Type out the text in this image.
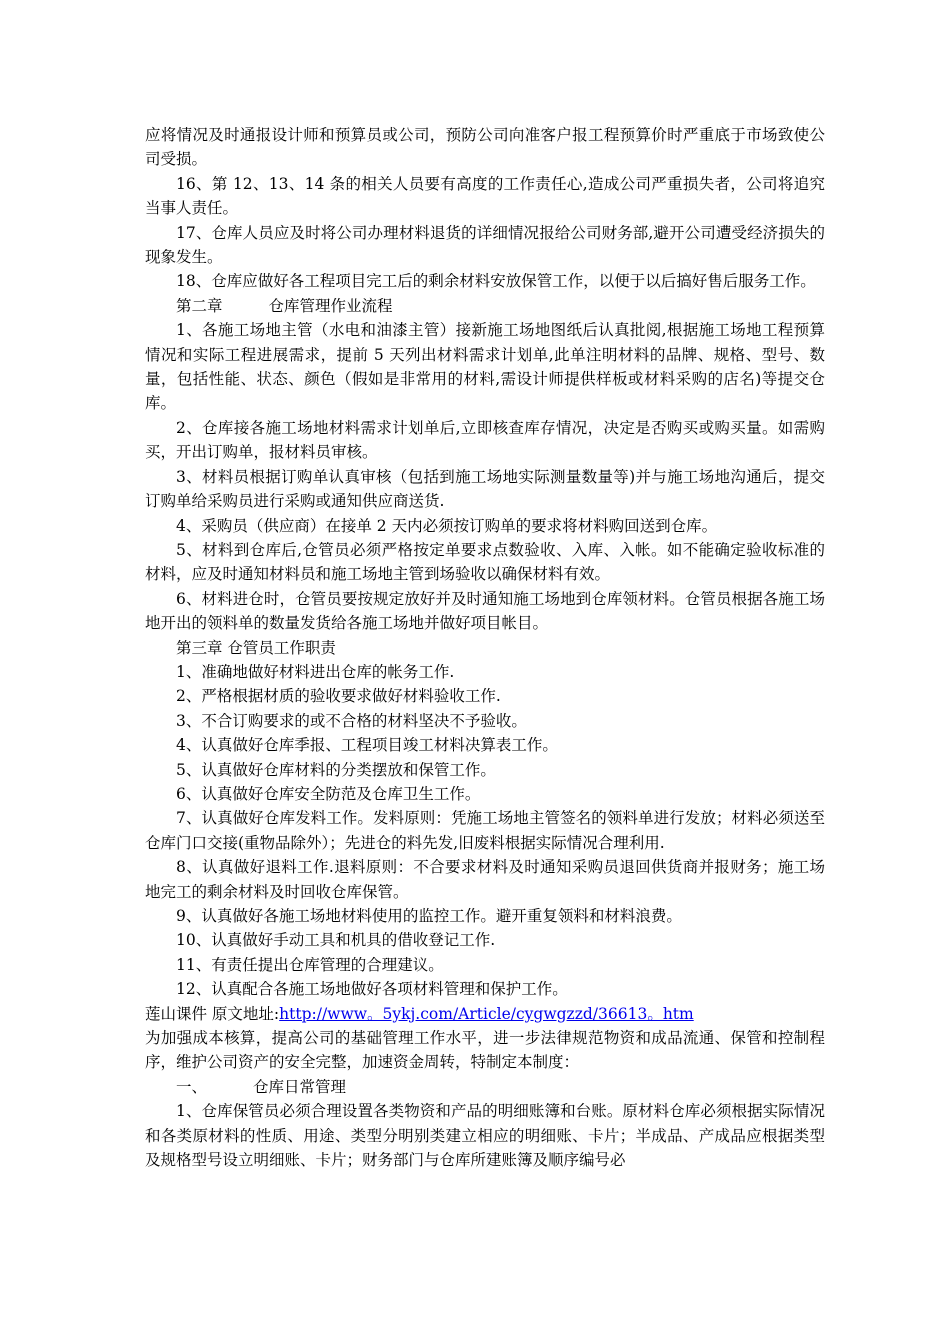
应将情况及时通报设计师和预算员或公司，预防公司向准客户报工程预算价时严重底于市场致使公司受损。

16、第 12、13、14 条的相关人员要有高度的工作责任心,造成公司严重损失者，公司将追究当事人责任。

17、仓库人员应及时将公司办理材料退货的详细情况报给公司财务部,避开公司遭受经济损失的现象发生。

18、仓库应做好各工程项目完工后的剩余材料安放保管工作，以便于以后搞好售后服务工作。

第二章	仓库管理作业流程

1、各施工场地主管（水电和油漆主管）接新施工场地图纸后认真批阅,根据施工场地工程预算情况和实际工程进展需求，提前 5 天列出材料需求计划单,此单注明材料的品牌、规格、型号、数量，包括性能、状态、颜色（假如是非常用的材料,需设计师提供样板或材料采购的店名)等提交仓库。

2、仓库接各施工场地材料需求计划单后,立即核查库存情况，决定是否购买或购买量。如需购买，开出订购单，报材料员审核。

3、材料员根据订购单认真审核（包括到施工场地实际测量数量等)并与施工场地沟通后，提交订购单给采购员进行采购或通知供应商送货.

4、采购员（供应商）在接单 2 天内必须按订购单的要求将材料购回送到仓库。

5、材料到仓库后,仓管员必须严格按定单要求点数验收、入库、入帐。如不能确定验收标准的材料，应及时通知材料员和施工场地主管到场验收以确保材料有效。

6、材料进仓时，仓管员要按规定放好并及时通知施工场地到仓库领材料。仓管员根据各施工场地开出的领料单的数量发货给各施工场地并做好项目帐目。

第三章 仓管员工作职责

1、准确地做好材料进出仓库的帐务工作.

2、严格根据材质的验收要求做好材料验收工作.

3、不合订购要求的或不合格的材料坚决不予验收。

4、认真做好仓库季报、工程项目竣工材料决算表工作。

5、认真做好仓库材料的分类摆放和保管工作。

6、认真做好仓库安全防范及仓库卫生工作。

7、认真做好仓库发料工作。发料原则：凭施工场地主管签名的领料单进行发放；材料必须送至仓库门口交接(重物品除外）；先进仓的料先发,旧废料根据实际情况合理利用.

8、认真做好退料工作.退料原则：不合要求材料及时通知采购员退回供货商并报财务；施工场地完工的剩余材料及时回收仓库保管。

9、认真做好各施工场地材料使用的监控工作。避开重复领料和材料浪费。

10、认真做好手动工具和机具的借收登记工作.

11、有责任提出仓库管理的合理建议。

12、认真配合各施工场地做好各项材料管理和保护工作。

莲山课件 原文地址:http://www。5ykj.com/Article/cygwgzzd/36613。htm

为加强成本核算，提高公司的基础管理工作水平，进一步法律规范物资和成品流通、保管和控制程序，维护公司资产的安全完整，加速资金周转，特制定本制度：

一、	仓库日常管理

1、仓库保管员必须合理设置各类物资和产品的明细账簿和台账。原材料仓库必须根据实际情况和各类原材料的性质、用途、类型分明别类建立相应的明细账、卡片；半成品、产成品应根据类型及规格型号设立明细账、卡片；财务部门与仓库所建账簿及顺序编号必
